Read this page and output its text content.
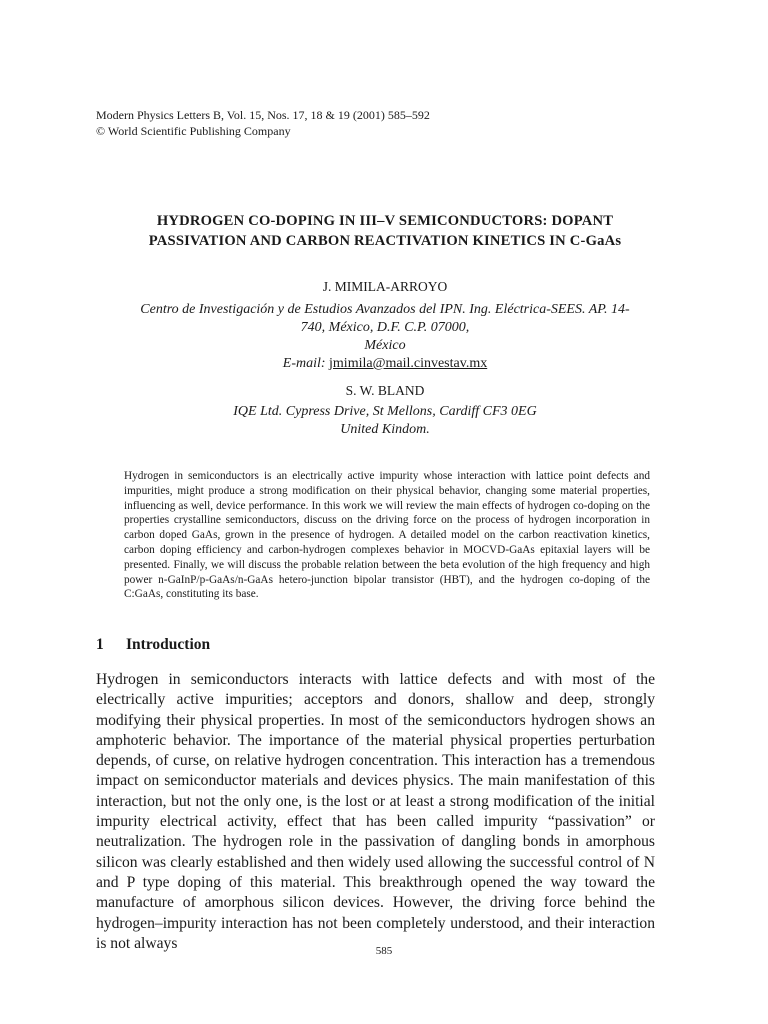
Modern Physics Letters B, Vol. 15, Nos. 17, 18 & 19 (2001) 585–592
© World Scientific Publishing Company
HYDROGEN CO-DOPING IN III–V SEMICONDUCTORS: DOPANT
PASSIVATION AND CARBON REACTIVATION KINETICS IN C-GaAs
J. MIMILA-ARROYO
Centro de Investigación y de Estudios Avanzados del IPN. Ing. Eléctrica-SEES. AP. 14-
740, México, D.F. C.P. 07000,
México
E-mail: jmimila@mail.cinvestav.mx
S. W. BLAND
IQE Ltd. Cypress Drive, St Mellons, Cardiff CF3 0EG
United Kindom.
Hydrogen in semiconductors is an electrically active impurity whose interaction with lattice point defects and impurities, might produce a strong modification on their physical behavior, changing some material properties, influencing as well, device performance. In this work we will review the main effects of hydrogen co-doping on the properties crystalline semiconductors, discuss on the driving force on the process of hydrogen incorporation in carbon doped GaAs, grown in the presence of hydrogen. A detailed model on the carbon reactivation kinetics, carbon doping efficiency and carbon-hydrogen complexes behavior in MOCVD-GaAs epitaxial layers will be presented. Finally, we will discuss the probable relation between the beta evolution of the high frequency and high power n-GaInP/p-GaAs/n-GaAs hetero-junction bipolar transistor (HBT), and the hydrogen co-doping of the C:GaAs, constituting its base.
1 Introduction
Hydrogen in semiconductors interacts with lattice defects and with most of the electrically active impurities; acceptors and donors, shallow and deep, strongly modifying their physical properties. In most of the semiconductors hydrogen shows an amphoteric behavior. The importance of the material physical properties perturbation depends, of curse, on relative hydrogen concentration. This interaction has a tremendous impact on semiconductor materials and devices physics. The main manifestation of this interaction, but not the only one, is the lost or at least a strong modification of the initial impurity electrical activity, effect that has been called impurity “passivation” or neutralization. The hydrogen role in the passivation of dangling bonds in amorphous silicon was clearly established and then widely used allowing the successful control of N and P type doping of this material. This breakthrough opened the way toward the manufacture of amorphous silicon devices. However, the driving force behind the hydrogen–impurity interaction has not been completely understood, and their interaction is not always	585
